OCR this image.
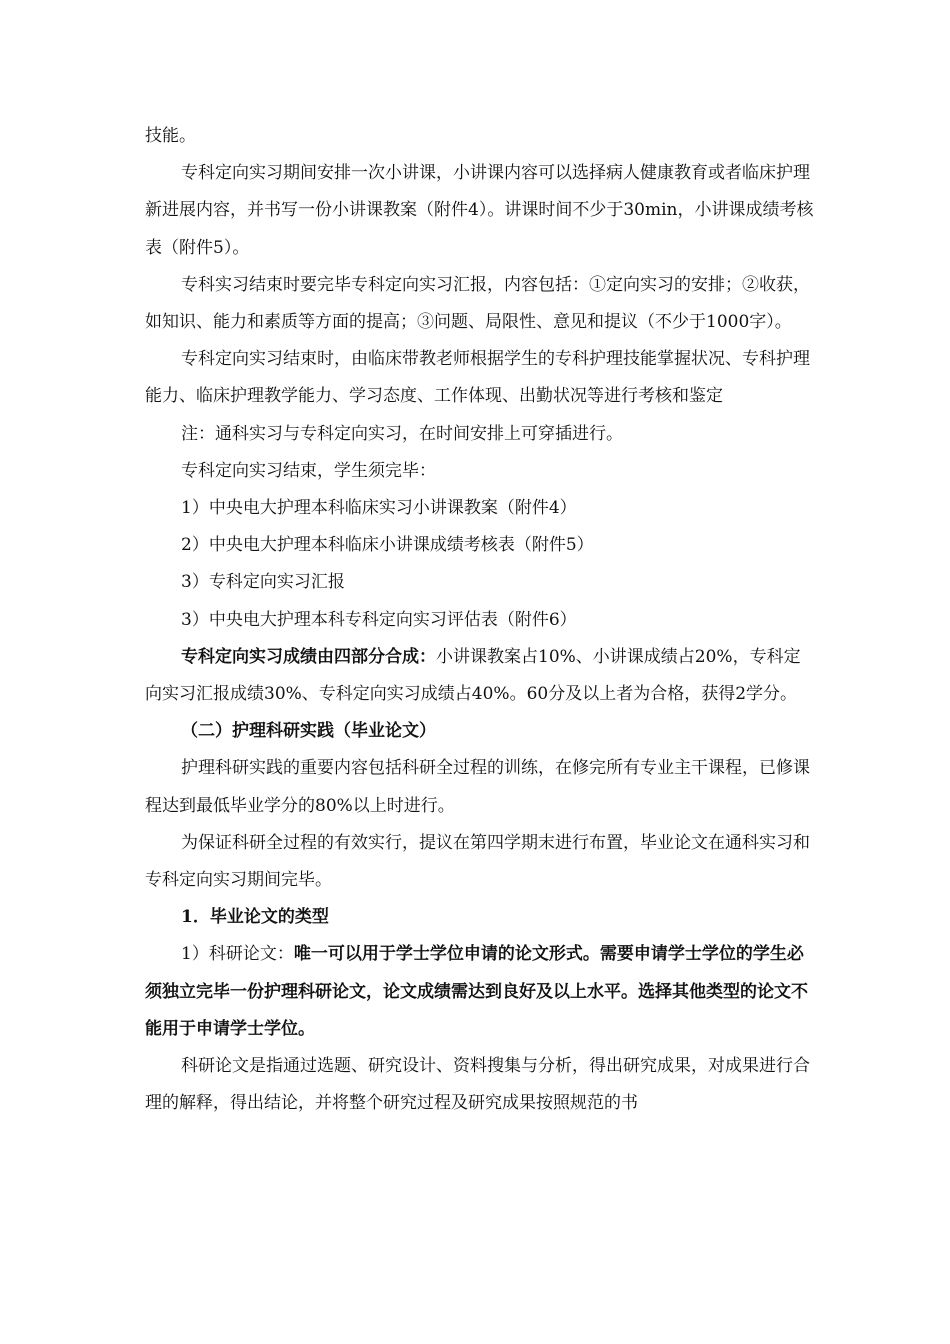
技能。

专科定向实习期间安排一次小讲课，小讲课内容可以选择病人健康教育或者临床护理新进展内容，并书写一份小讲课教案（附件4）。讲课时间不少于30min，小讲课成绩考核表（附件5）。

专科实习结束时要完毕专科定向实习汇报，内容包括：①定向实习的安排；②收获，如知识、能力和素质等方面的提高；③问题、局限性、意见和提议（不少于1000字）。

专科定向实习结束时，由临床带教老师根据学生的专科护理技能掌握状况、专科护理能力、临床护理教学能力、学习态度、工作体现、出勤状况等进行考核和鉴定

注：通科实习与专科定向实习，在时间安排上可穿插进行。

专科定向实习结束，学生须完毕：

1）中央电大护理本科临床实习小讲课教案（附件4）

2）中央电大护理本科临床小讲课成绩考核表（附件5）

3）专科定向实习汇报

3）中央电大护理本科专科定向实习评估表（附件6）

专科定向实习成绩由四部分合成：小讲课教案占10%、小讲课成绩占20%，专科定向实习汇报成绩30%、专科定向实习成绩占40%。60分及以上者为合格，获得2学分。

（二）护理科研实践（毕业论文）

护理科研实践的重要内容包括科研全过程的训练，在修完所有专业主干课程，已修课程达到最低毕业学分的80%以上时进行。

为保证科研全过程的有效实行，提议在第四学期末进行布置，毕业论文在通科实习和专科定向实习期间完毕。

1．毕业论文的类型

1）科研论文：唯一可以用于学士学位申请的论文形式。需要申请学士学位的学生必须独立完毕一份护理科研论文，论文成绩需达到良好及以上水平。选择其他类型的论文不能用于申请学士学位。

科研论文是指通过选题、研究设计、资料搜集与分析，得出研究成果，对成果进行合理的解释，得出结论，并将整个研究过程及研究成果按照规范的书
